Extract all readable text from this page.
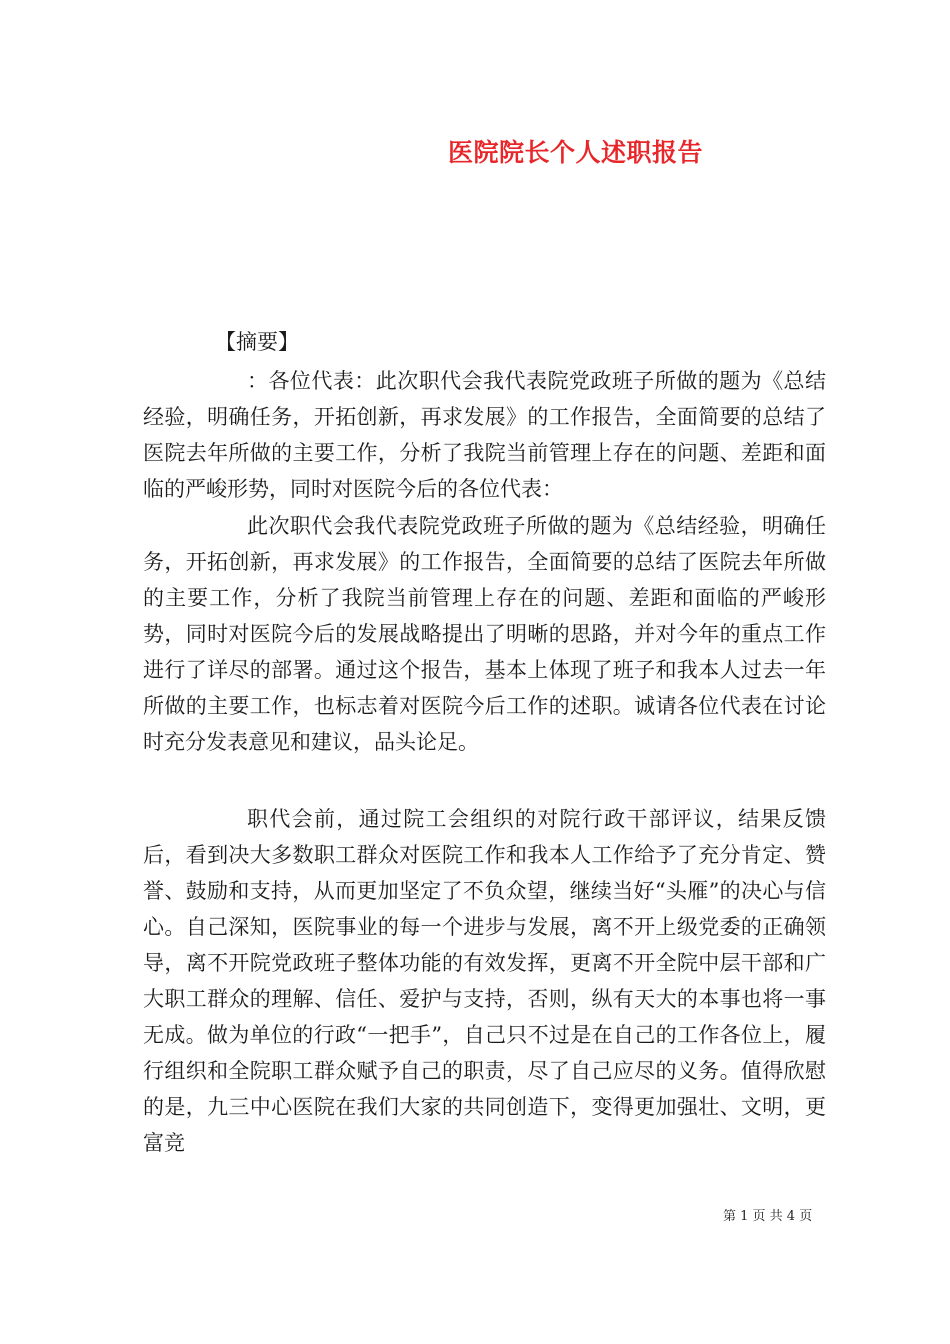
医院院长个人述职报告
【摘要】

：各位代表：此次职代会我代表院党政班子所做的题为《总结经验，明确任务，开拓创新，再求发展》的工作报告，全面简要的总结了医院去年所做的主要工作，分析了我院当前管理上存在的问题、差距和面临的严峻形势，同时对医院今后的各位代表：

此次职代会我代表院党政班子所做的题为《总结经验，明确任务，开拓创新，再求发展》的工作报告，全面简要的总结了医院去年所做的主要工作，分析了我院当前管理上存在的问题、差距和面临的严峻形势，同时对医院今后的发展战略提出了明晰的思路，并对今年的重点工作进行了详尽的部署。通过这个报告，基本上体现了班子和我本人过去一年所做的主要工作，也标志着对医院今后工作的述职。诚请各位代表在讨论时充分发表意见和建议，品头论足。

职代会前，通过院工会组织的对院行政干部评议，结果反馈后，看到决大多数职工群众对医院工作和我本人工作给予了充分肯定、赞誉、鼓励和支持，从而更加坚定了不负众望，继续当好“头雁”的决心与信心。自己深知，医院事业的每一个进步与发展，离不开上级党委的正确领导，离不开院党政班子整体功能的有效发挥，更离不开全院中层干部和广大职工群众的理解、信任、爱护与支持，否则，纵有天大的本事也将一事无成。做为单位的行政“一把手”，自己只不过是在自己的工作各位上，履行组织和全院职工群众赋予自己的职责，尽了自己应尽的义务。值得欣慰的是，九三中心医院在我们大家的共同创造下，变得更加强壮、文明，更富竞

第 1 页 共 4 页
